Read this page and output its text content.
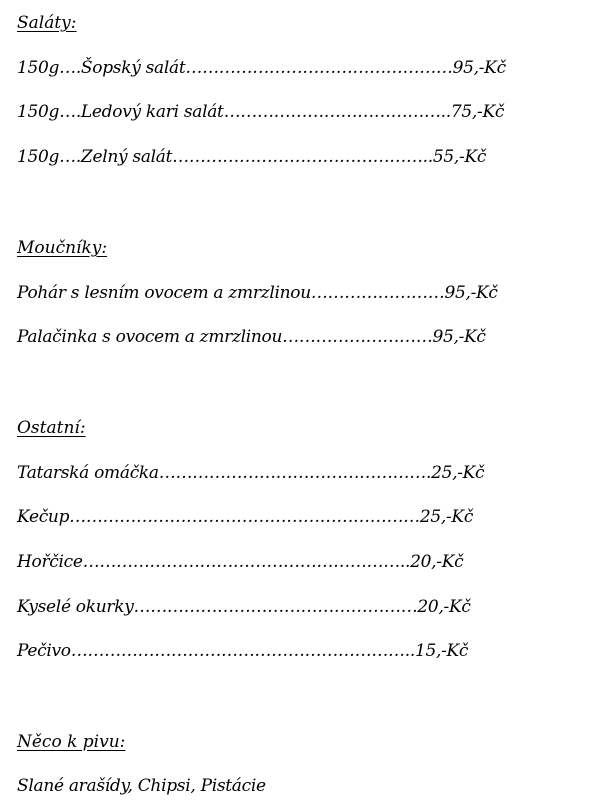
Saláty:
150g….Šopský salát…………………………………………95,-Kč
150g….Ledový kari salát…………………………………..75,-Kč
150g….Zelný salát………………………………………..55,-Kč
Moučníky:
Pohár s lesním ovocem a zmrzlinou……………………95,-Kč
Palačinka s ovocem a zmrzlinou………………………95,-Kč
Ostatní:
Tatarská omáčka………………………………………….25,-Kč
Kečup………………………………………………………25,-Kč
Hořčice…………………………………………………..20,-Kč
Kyselé okurky……………………………………………20,-Kč
Pečivo……………………………………………………..15,-Kč
Něco k pivu:
Slané arašídy, Chipsi, Pistácie
